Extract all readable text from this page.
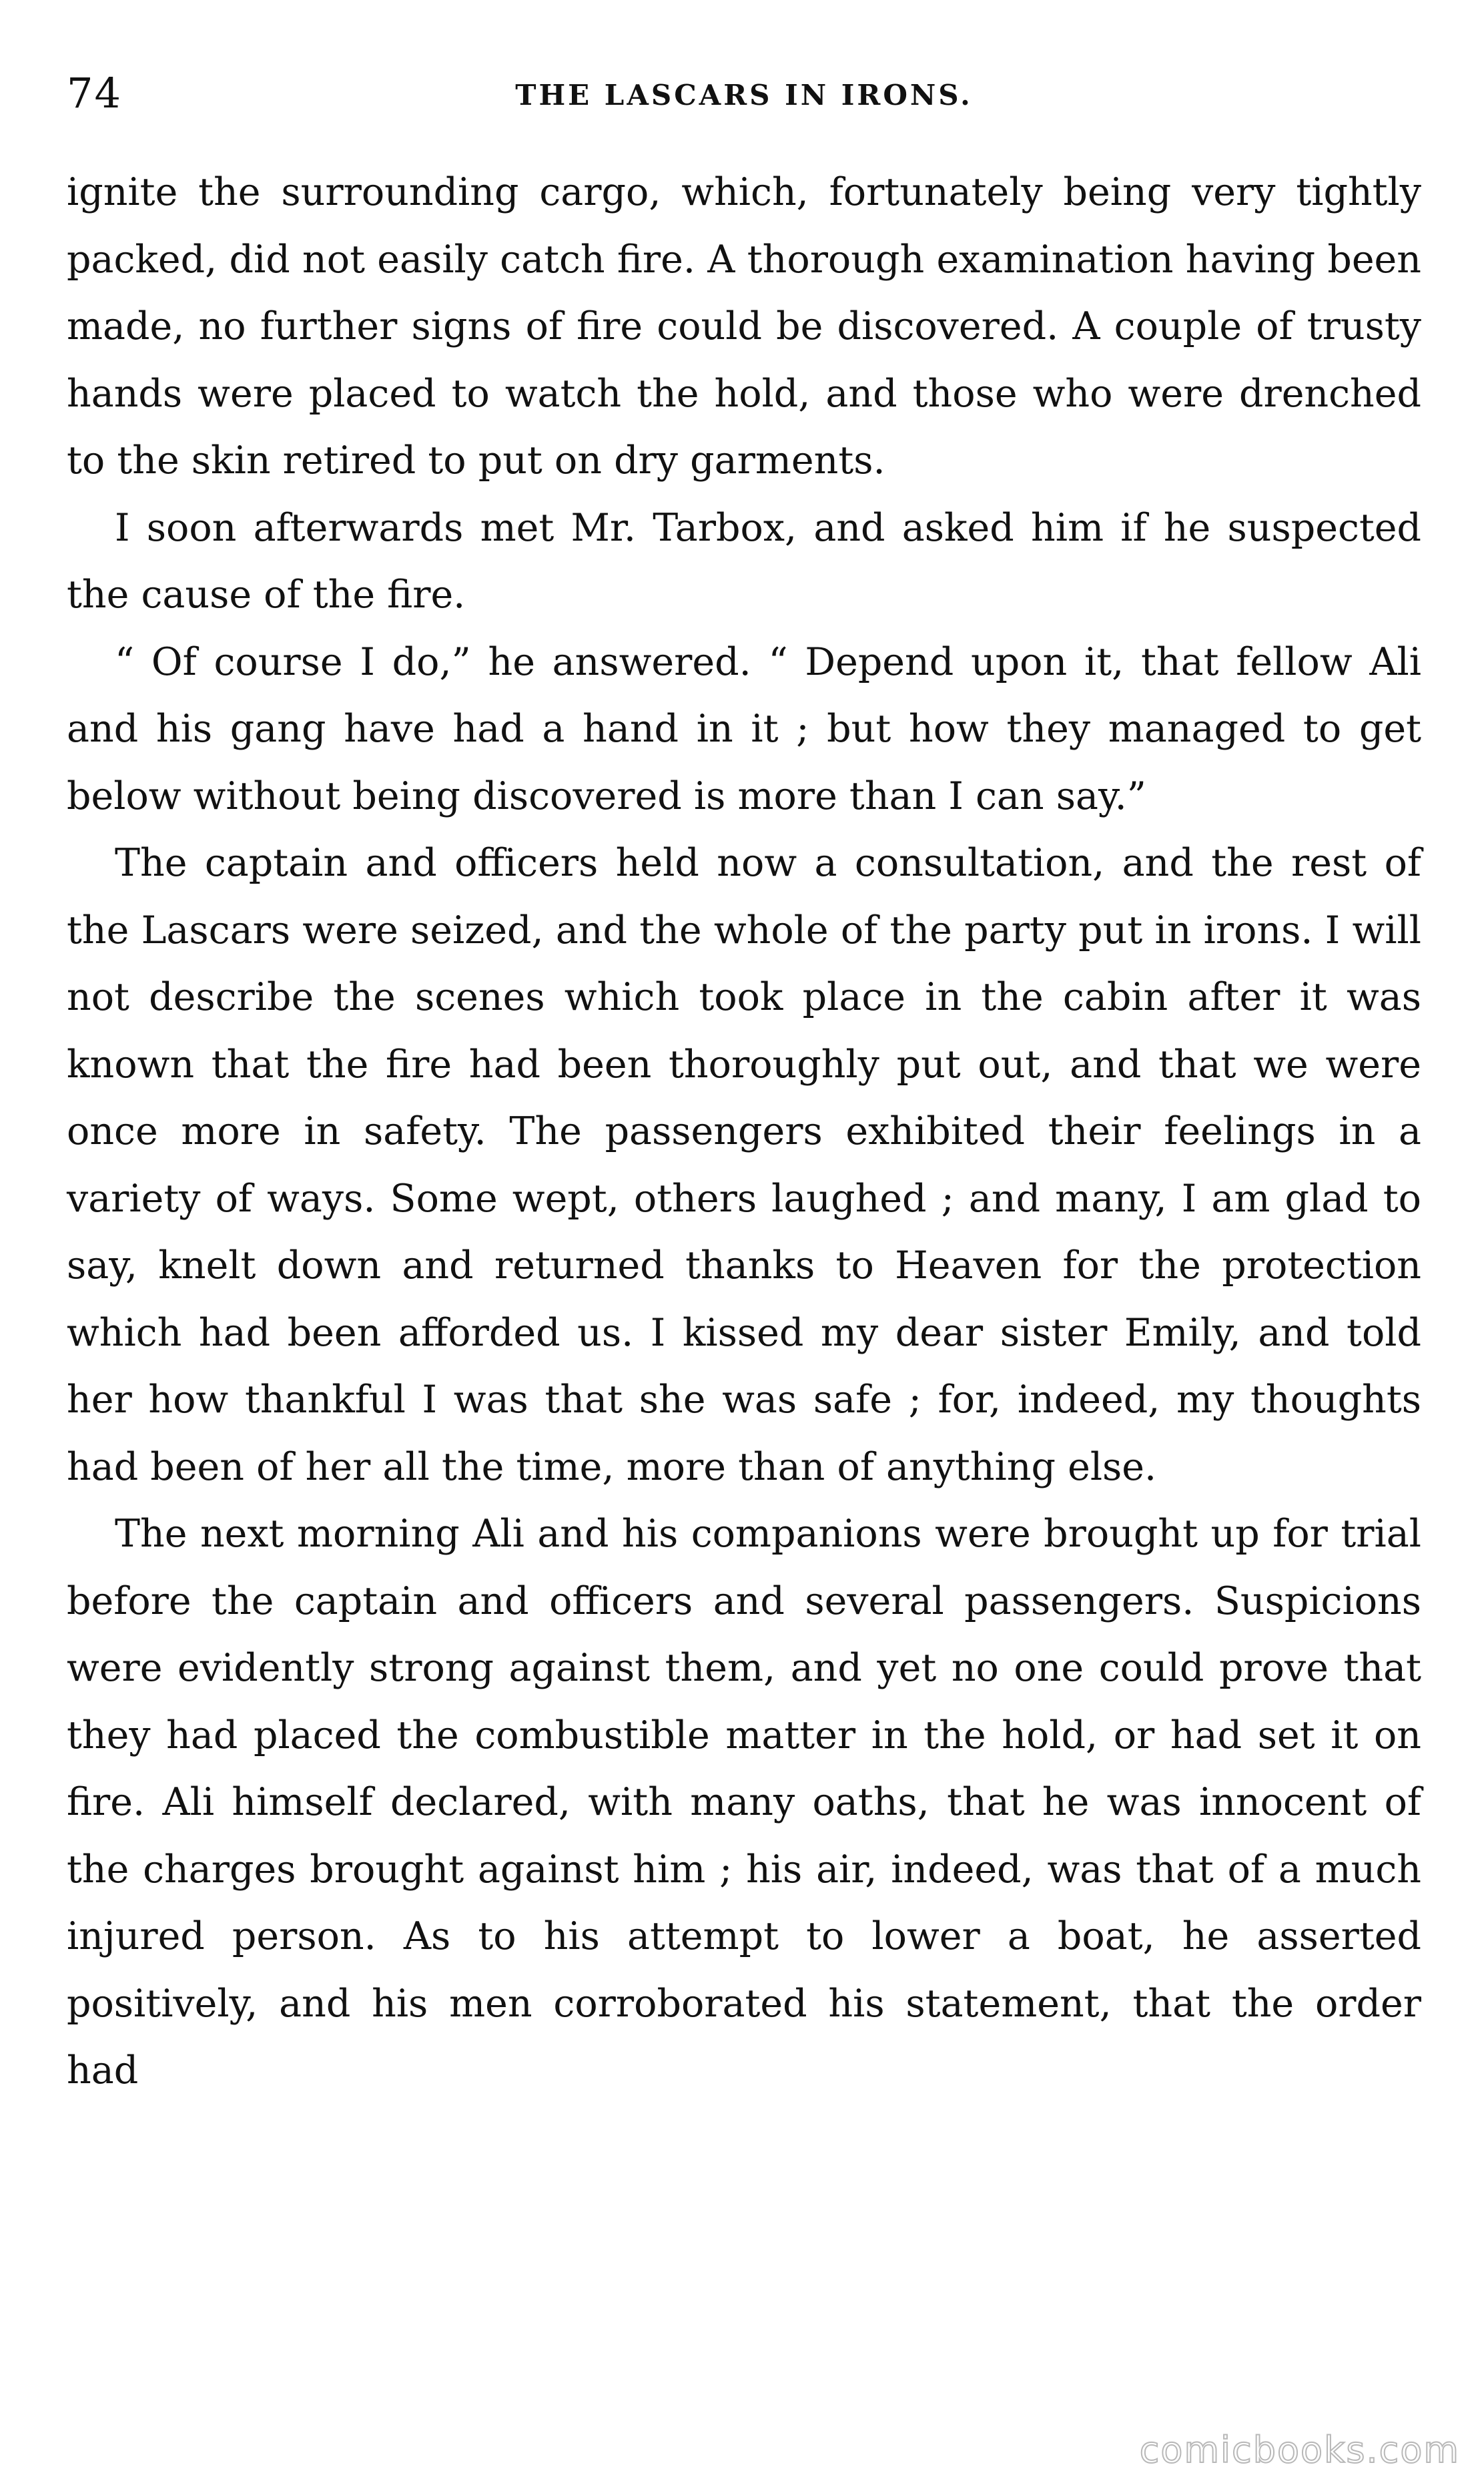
74	THE LASCARS IN IRONS.

ignite the surrounding cargo, which, fortunately being very tightly packed, did not easily catch fire. A thorough examination having been made, no further signs of fire could be discovered. A couple of trusty hands were placed to watch the hold, and those who were drenched to the skin retired to put on dry garments.

I soon afterwards met Mr. Tarbox, and asked him if he suspected the cause of the fire.

“ Of course I do,” he answered. “ Depend upon it, that fellow Ali and his gang have had a hand in it ; but how they managed to get below without being discovered is more than I can say.”

The captain and officers held now a consultation, and the rest of the Lascars were seized, and the whole of the party put in irons. I will not describe the scenes which took place in the cabin after it was known that the fire had been thoroughly put out, and that we were once more in safety. The passengers exhibited their feelings in a variety of ways. Some wept, others laughed ; and many, I am glad to say, knelt down and returned thanks to Heaven for the protection which had been afforded us. I kissed my dear sister Emily, and told her how thankful I was that she was safe ; for, indeed, my thoughts had been of her all the time, more than of anything else.

The next morning Ali and his companions were brought up for trial before the captain and officers and several passengers. Suspicions were evidently strong against them, and yet no one could prove that they had placed the combustible matter in the hold, or had set it on fire. Ali himself declared, with many oaths, that he was innocent of the charges brought against him ; his air, indeed, was that of a much injured person. As to his attempt to lower a boat, he asserted positively, and his men corroborated his statement, that the order had

comicbooks.com
